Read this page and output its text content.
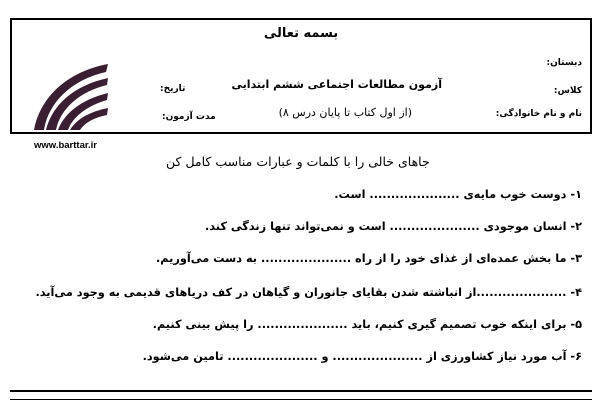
بسمه تعالی
دبستان:
کلاس:
نام و نام خانوادگی:
آزمون مطالعات اجتماعی ششم ابتدایی
(از اول کتاب تا پایان درس ۸)
تاریخ:
مدت آزمون:
www.barttar.ir
جاهای خالی را با کلمات و عبارات مناسب کامل کن
۱- دوست خوب مایه‌ی ..................... است.
۲- انسان موجودی ..................... است و نمی‌تواند تنها زندگی کند.
۳- ما بخش عمده‌ای از غذای خود را از راه ..................... به دست می‌آوریم.
۴- .....................از انباشته شدن بقایای جانوران و گیاهان در کف دریاهای قدیمی به وجود می‌آید.
۵- برای اینکه خوب تصمیم گیری کنیم، باید ..................... را پیش بینی کنیم.
۶- آب مورد نیاز کشاورزی از ..................... و ..................... تامین می‌شود.
